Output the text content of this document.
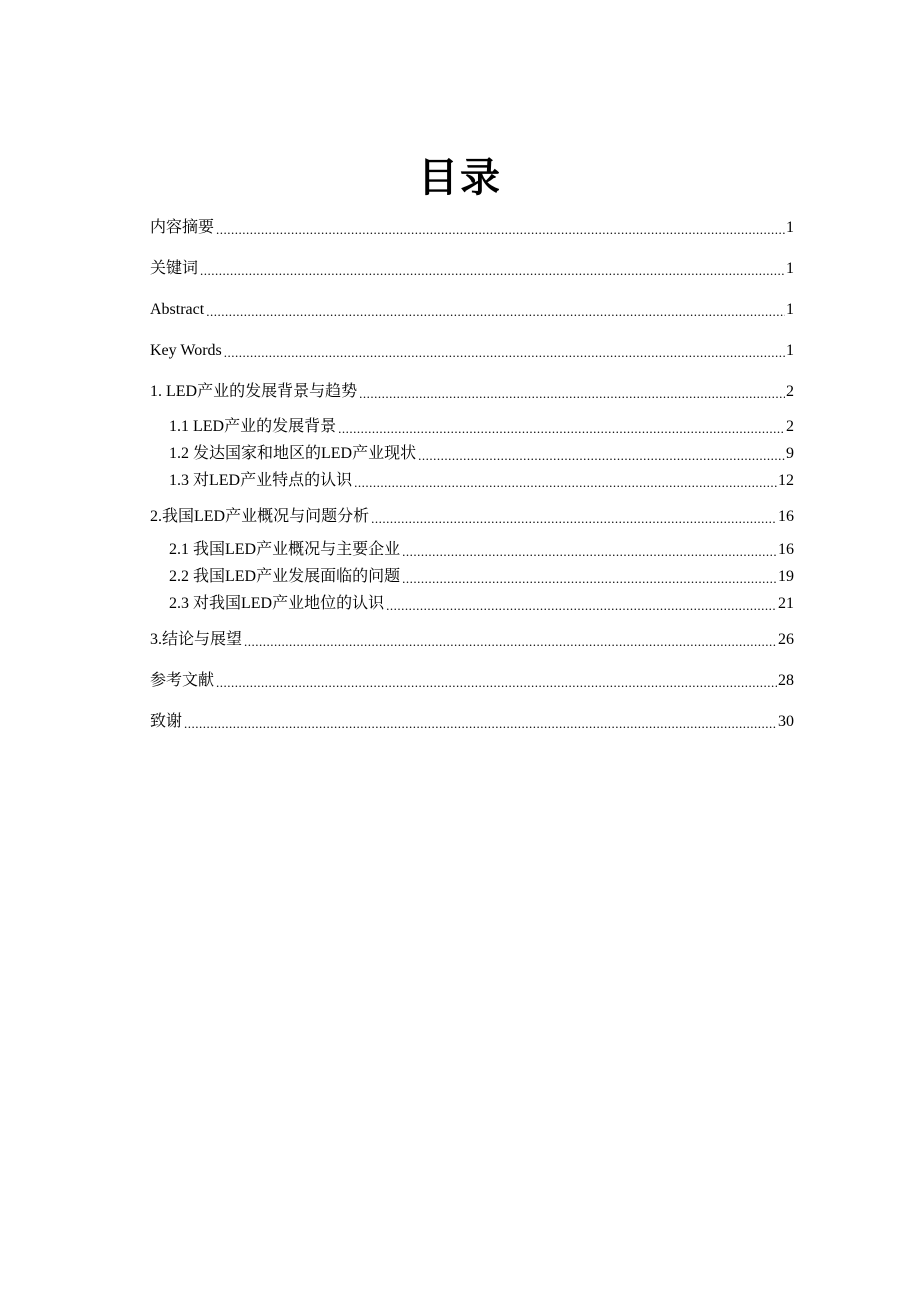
目录
内容摘要 .....	1
关键词 .....	1
Abstract .....	1
Key Words .....	1
1. LED产业的发展背景与趋势 .....	2
1.1 LED产业的发展背景 .....	2
1.2 发达国家和地区的LED产业现状 .....	9
1.3 对LED产业特点的认识 .....	12
2.我国LED产业概况与问题分析 .....	16
2.1 我国LED产业概况与主要企业 .....	16
2.2 我国LED产业发展面临的问题 .....	19
2.3 对我国LED产业地位的认识 .....	21
3.结论与展望 .....	26
参考文献 .....	28
致谢 .....	30
